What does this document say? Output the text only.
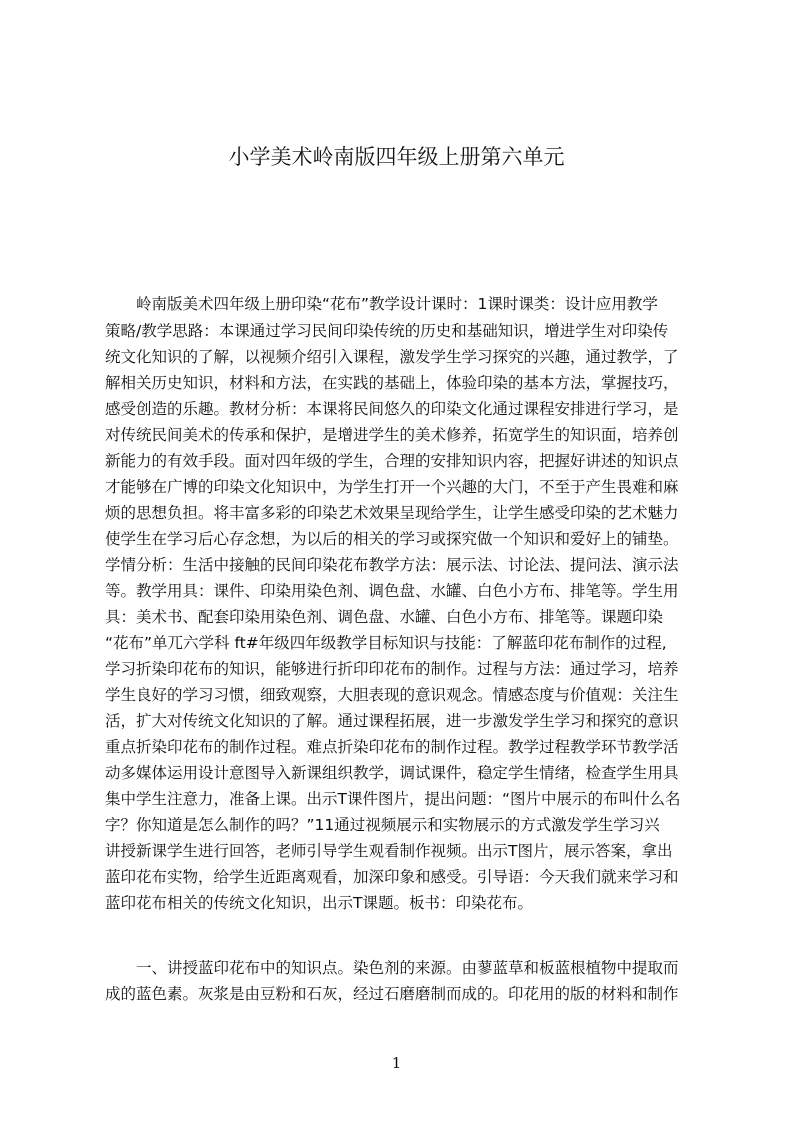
小学美术岭南版四年级上册第六单元
　　岭南版美术四年级上册印染“花布”教学设计课时：1课时课类：设计应用教学
策略/教学思路：本课通过学习民间印染传统的历史和基础知识，增进学生对印染传
统文化知识的了解，以视频介绍引入课程，激发学生学习探究的兴趣，通过教学，了
解相关历史知识，材料和方法，在实践的基础上，体验印染的基本方法，掌握技巧，
感受创造的乐趣。教材分析：本课将民间悠久的印染文化通过课程安排进行学习，是
对传统民间美术的传承和保护，是增进学生的美术修养，拓宽学生的知识面，培养创
新能力的有效手段。面对四年级的学生，合理的安排知识内容，把握好讲述的知识点
才能够在广博的印染文化知识中，为学生打开一个兴趣的大门，不至于产生畏难和麻
烦的思想负担。将丰富多彩的印染艺术效果呈现给学生，让学生感受印染的艺术魅力
使学生在学习后心存念想，为以后的相关的学习或探究做一个知识和爱好上的铺垫。
学情分析：生活中接触的民间印染花布教学方法：展示法、讨论法、提问法、演示法
等。教学用具：课件、印染用染色剂、调色盘、水罐、白色小方布、排笔等。学生用
具：美术书、配套印染用染色剂、调色盘、水罐、白色小方布、排笔等。课题印染
“花布”单兀六学科 ft#年级四年级教学目标知识与技能：了解蓝印花布制作的过程,
学习折染印花布的知识，能够进行折印印花布的制作。过程与方法：通过学习，培养
学生良好的学习习惯，细致观察，大胆表现的意识观念。情感态度与价值观：关注生
活，扩大对传统文化知识的了解。通过课程拓展，进一步激发学生学习和探究的意识
重点折染印花布的制作过程。难点折染印花布的制作过程。教学过程教学环节教学活
动多媒体运用设计意图导入新课组织教学，调试课件，稳定学生情绪，检查学生用具
集中学生注意力，准备上课。出示T课件图片，提出问题：“图片中展示的布叫什么名
字？你知道是怎么制作的吗？”11通过视频展示和实物展示的方式激发学生学习兴
讲授新课学生进行回答，老师引导学生观看制作视频。出示T图片，展示答案，拿出
蓝印花布实物，给学生近距离观看，加深印象和感受。引导语：今天我们就来学习和
蓝印花布相关的传统文化知识，出示T课题。板书：印染花布。
　　一、讲授蓝印花布中的知识点。染色剂的来源。由蓼蓝草和板蓝根植物中提取而
成的蓝色素。灰浆是由豆粉和石灰，经过石磨磨制而成的。印花用的版的材料和制作
1
